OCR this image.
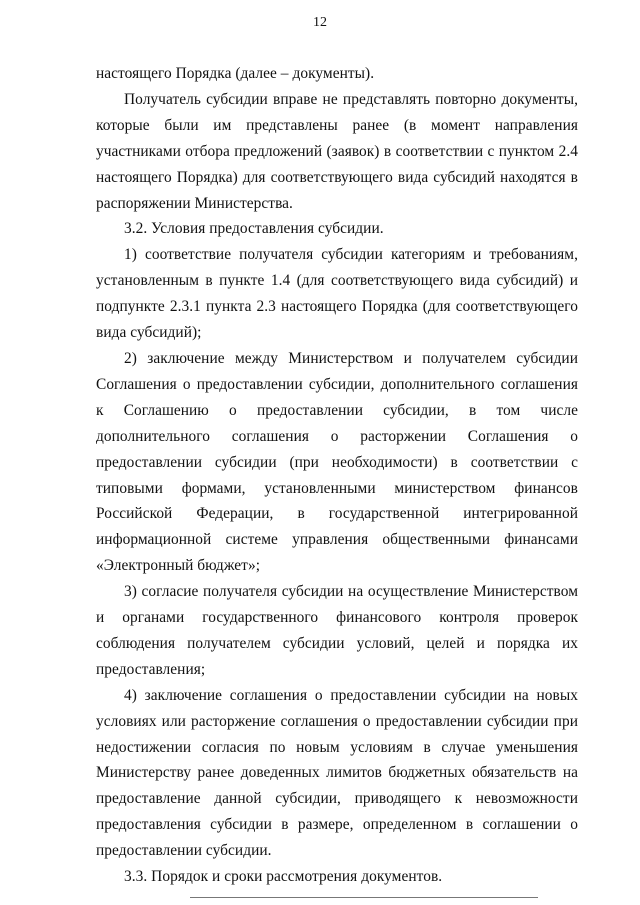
12

настоящего Порядка (далее – документы).

Получатель субсидии вправе не представлять повторно документы, которые были им представлены ранее (в момент направления участниками отбора предложений (заявок) в соответствии с пунктом 2.4 настоящего Порядка) для соответствующего вида субсидий находятся в распоряжении Министерства.

3.2. Условия предоставления субсидии.

1) соответствие получателя субсидии категориям и требованиям, установленным в пункте 1.4 (для соответствующего вида субсидий) и подпункте 2.3.1 пункта 2.3 настоящего Порядка (для соответствующего вида субсидий);

2) заключение между Министерством и получателем субсидии Соглашения о предоставлении субсидии, дополнительного соглашения к Соглашению о предоставлении субсидии, в том числе дополнительного соглашения о расторжении Соглашения о предоставлении субсидии (при необходимости) в соответствии с типовыми формами, установленными министерством финансов Российской Федерации, в государственной интегрированной информационной системе управления общественными финансами «Электронный бюджет»;

3) согласие получателя субсидии на осуществление Министерством и органами государственного финансового контроля проверок соблюдения получателем субсидии условий, целей и порядка их предоставления;

4) заключение соглашения о предоставлении субсидии на новых условиях или расторжение соглашения о предоставлении субсидии при недостижении согласия по новым условиям в случае уменьшения Министерству ранее доведенных лимитов бюджетных обязательств на предоставление данной субсидии, приводящего к невозможности предоставления субсидии в размере, определенном в соглашении о предоставлении субсидии.

3.3. Порядок и сроки рассмотрения документов.
